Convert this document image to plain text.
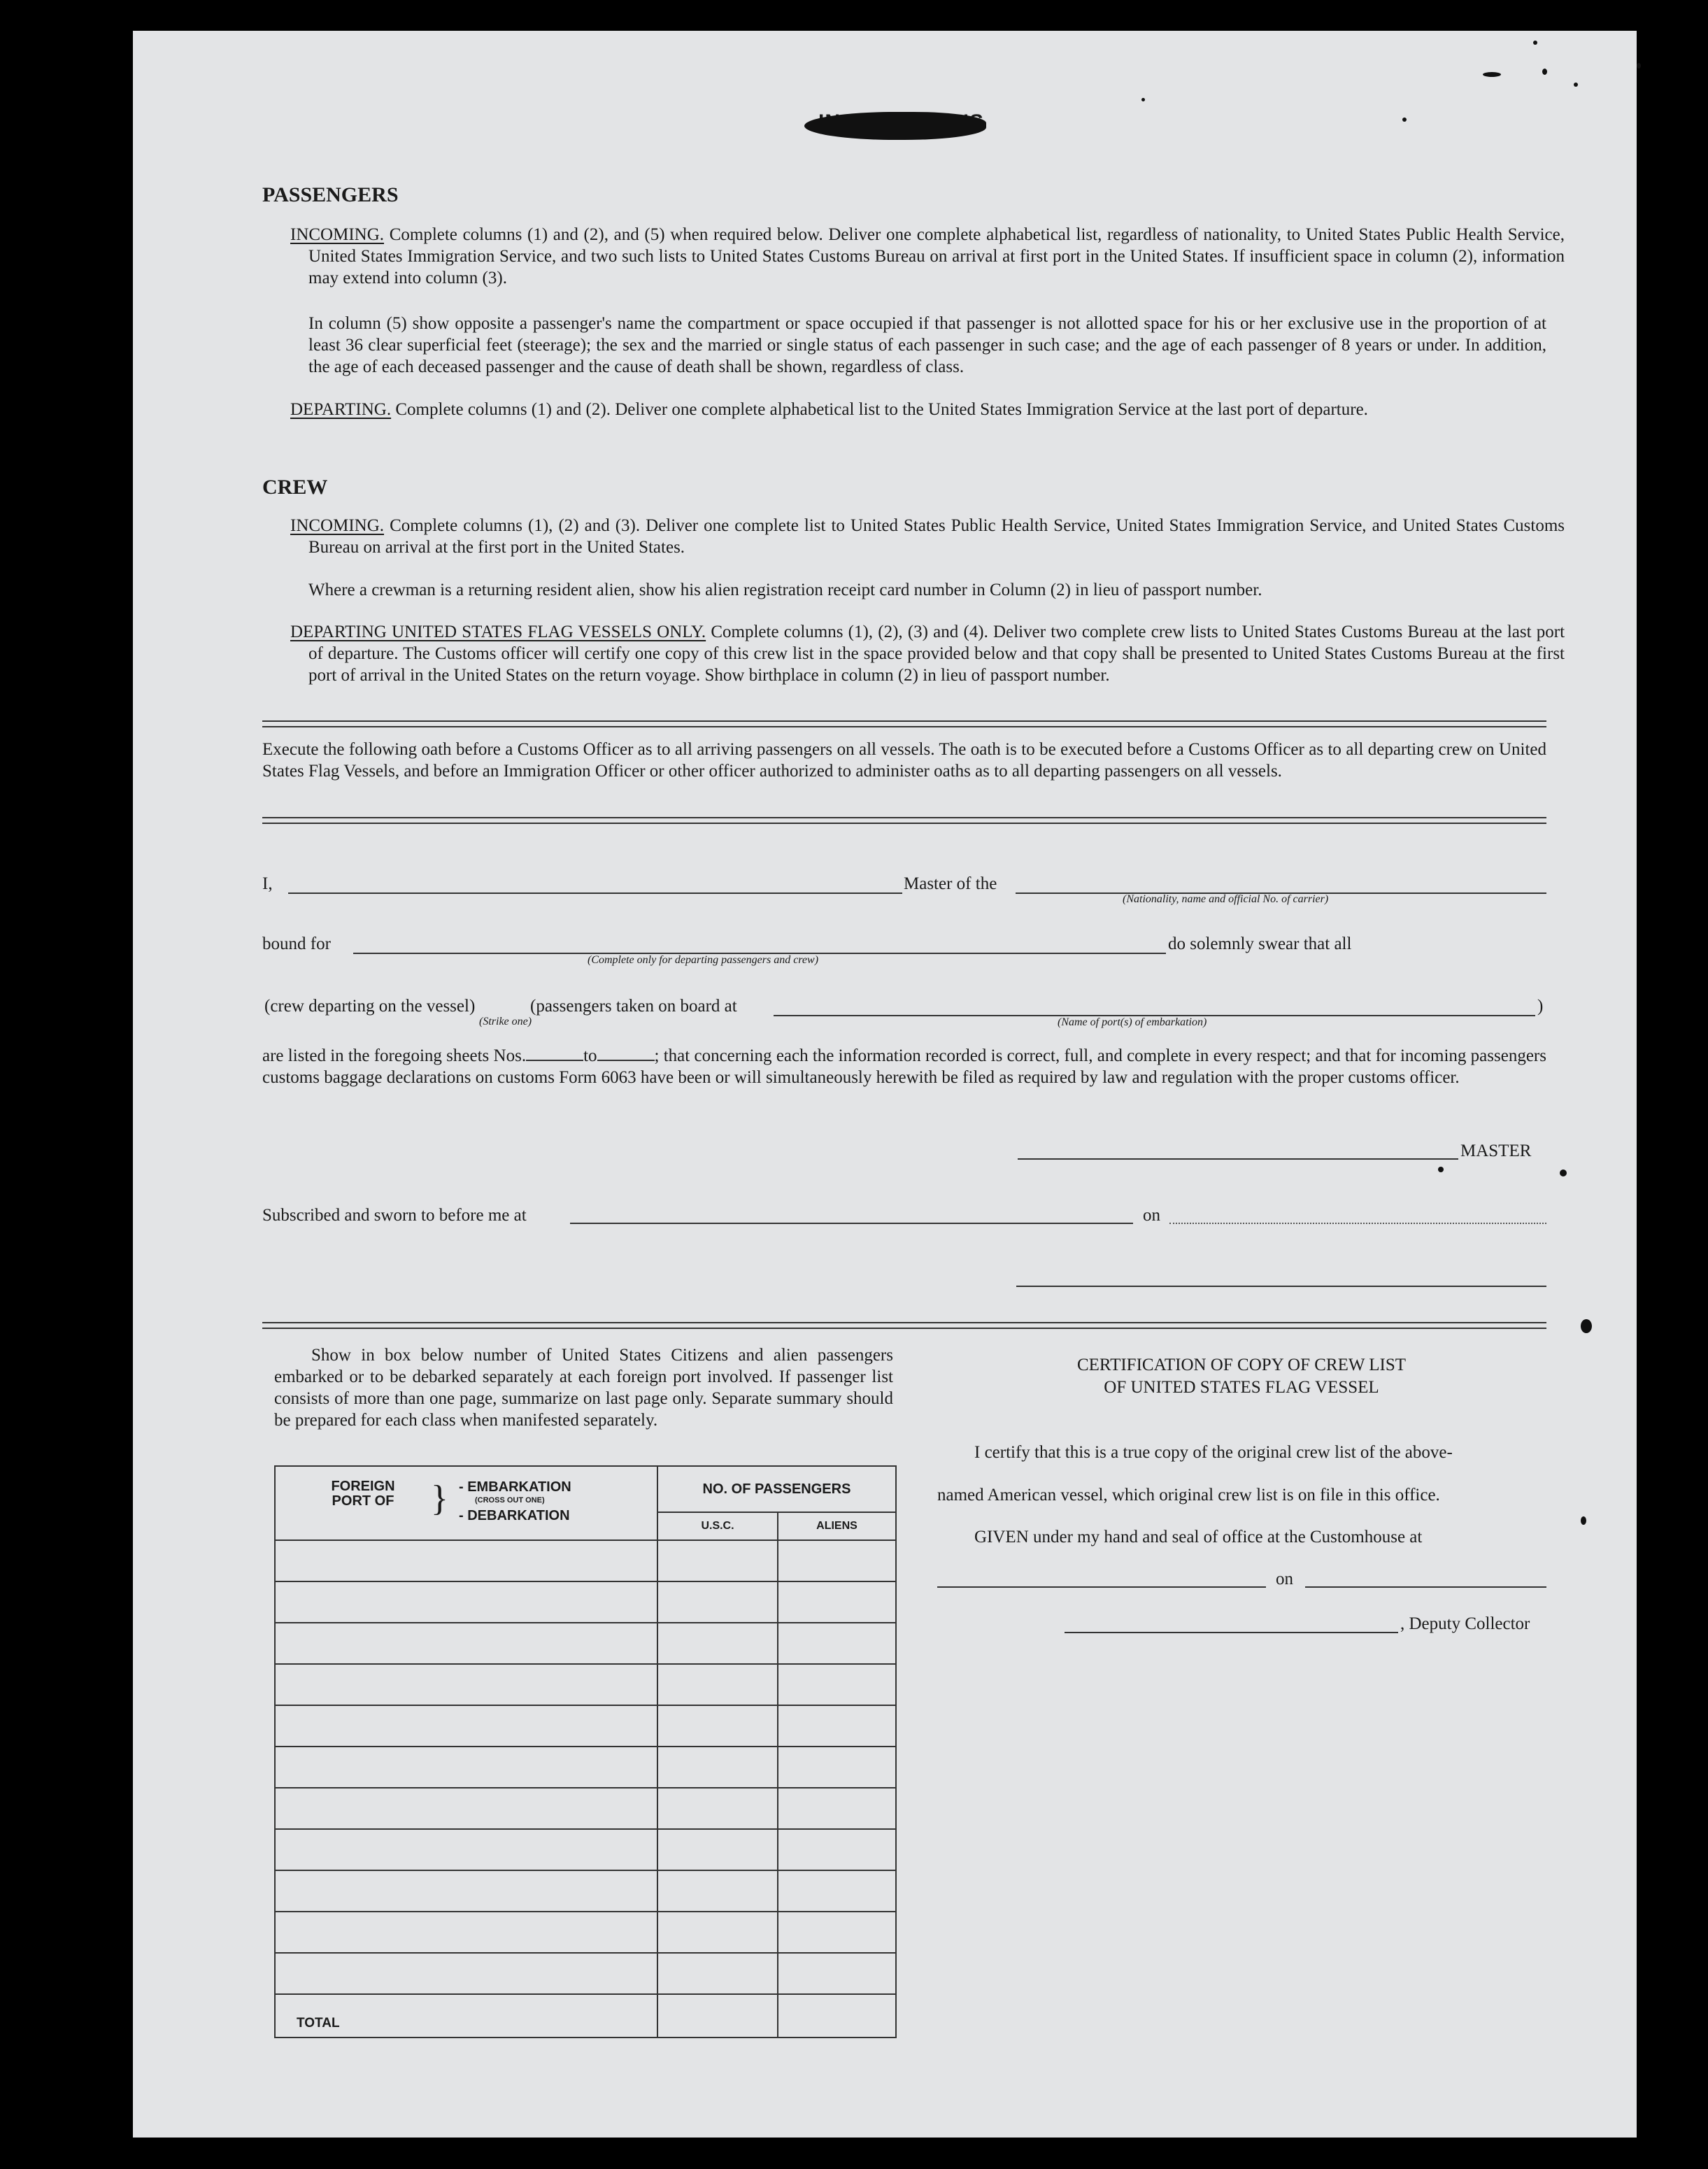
PASSENGERS
INCOMING. Complete columns (1) and (2), and (5) when required below. Deliver one complete alphabetical list, regardless of nationality, to United States Public Health Service, United States Immigration Service, and two such lists to United States Customs Bureau on arrival at first port in the United States. If insufficient space in column (2), information may extend into column (3).
In column (5) show opposite a passenger's name the compartment or space occupied if that passenger is not allotted space for his or her exclusive use in the proportion of at least 36 clear superficial feet (steerage); the sex and the married or single status of each passenger in such case; and the age of each passenger of 8 years or under. In addition, the age of each deceased passenger and the cause of death shall be shown, regardless of class.
DEPARTING. Complete columns (1) and (2). Deliver one complete alphabetical list to the United States Immigration Service at the last port of departure.
CREW
INCOMING. Complete columns (1), (2) and (3). Deliver one complete list to United States Public Health Service, United States Immigration Service, and United States Customs Bureau on arrival at the first port in the United States.
Where a crewman is a returning resident alien, show his alien registration receipt card number in Column (2) in lieu of passport number.
DEPARTING UNITED STATES FLAG VESSELS ONLY. Complete columns (1), (2), (3) and (4). Deliver two complete crew lists to United States Customs Bureau at the last port of departure. The Customs officer will certify one copy of this crew list in the space provided below and that copy shall be presented to United States Customs Bureau at the first port of arrival in the United States on the return voyage. Show birthplace in column (2) in lieu of passport number.
Execute the following oath before a Customs Officer as to all arriving passengers on all vessels. The oath is to be executed before a Customs Officer as to all departing crew on United States Flag Vessels, and before an Immigration Officer or other officer authorized to administer oaths as to all departing passengers on all vessels.
I,	Master of the
(Nationality, name and official No. of carrier)
bound for
(Complete only for departing passengers and crew)
do solemnly swear that all
(crew departing on the vessel)
(Strike one)
(passengers taken on board at
(Name of port(s) of embarkation)
)
are listed in the foregoing sheets Nos.	to	; that concerning each the information recorded is correct, full, and complete in every respect; and that for incoming passengers customs baggage declarations on customs Form 6063 have been or will simultaneously herewith be filed as required by law and regulation with the proper customs officer.
MASTER
Subscribed and sworn to before me at	on
Show in box below number of United States Citizens and alien passengers embarked or to be debarked separately at each foreign port involved. If passenger list consists of more than one page, summarize on last page only. Separate summary should be prepared for each class when manifested separately.
FOREIGN PORT OF } - EMBARKATION
(CROSS OUT ONE)
- DEBARKATION	NO. OF PASSENGERS	
	U.S.C.	ALIENS

TOTAL		
CERTIFICATION OF COPY OF CREW LIST
OF UNITED STATES FLAG VESSEL
I certify that this is a true copy of the original crew list of the above-
named American vessel, which original crew list is on file in this office.
GIVEN under my hand and seal of office at the Customhouse at
on
, Deputy Collector
